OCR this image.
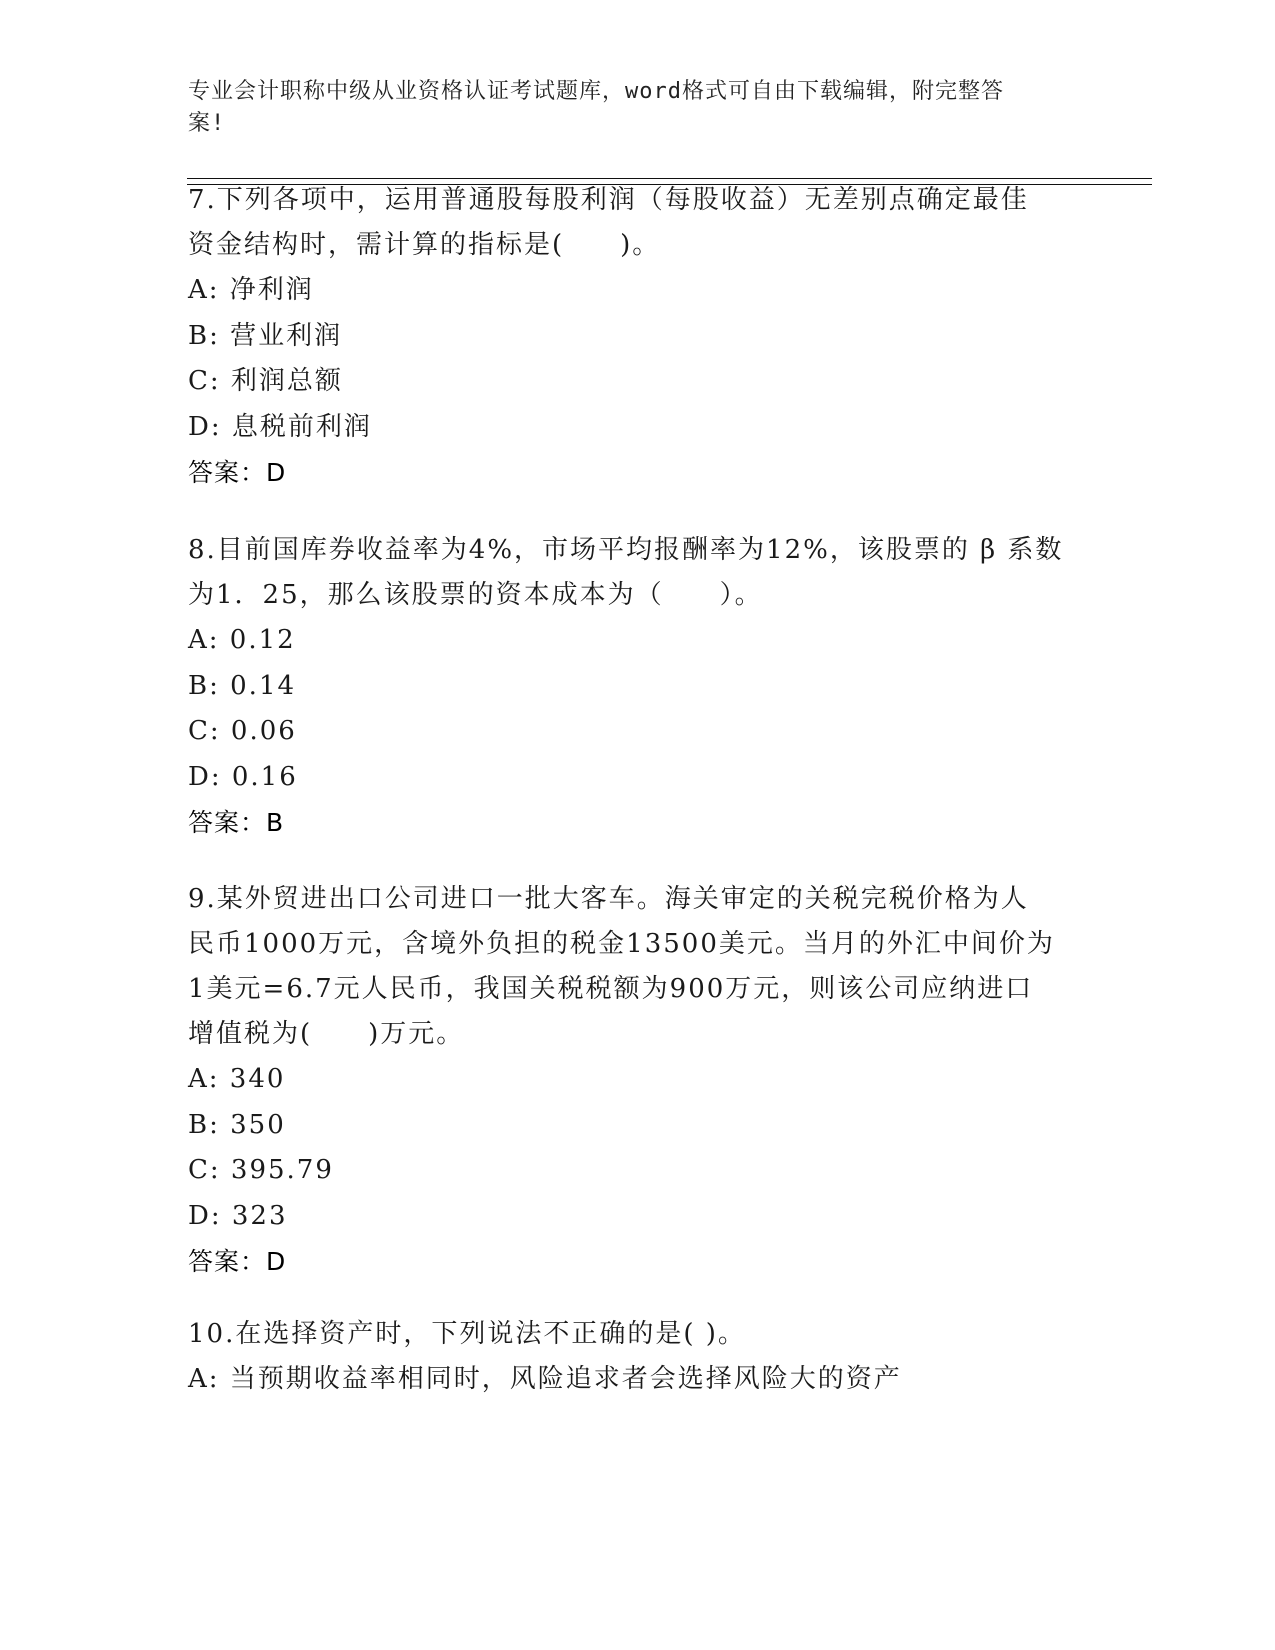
专业会计职称中级从业资格认证考试题库，word格式可自由下载编辑，附完整答
案!
7.下列各项中，运用普通股每股利润（每股收益）无差别点确定最佳
资金结构时，需计算的指标是(　　)。
A: 净利润
B: 营业利润
C: 利润总额
D: 息税前利润
答案：D
8.目前国库券收益率为4%，市场平均报酬率为12%，该股票的 β 系数
为1．25，那么该股票的资本成本为（　　）。
A: 0.12
B: 0.14
C: 0.06
D: 0.16
答案：B
9.某外贸进出口公司进口一批大客车。海关审定的关税完税价格为人
民币1000万元，含境外负担的税金13500美元。当月的外汇中间价为
1美元=6.7元人民币，我国关税税额为900万元，则该公司应纳进口
增值税为(　　)万元。
A: 340
B: 350
C: 395.79
D: 323
答案：D
10.在选择资产时，下列说法不正确的是( )。
A: 当预期收益率相同时，风险追求者会选择风险大的资产
